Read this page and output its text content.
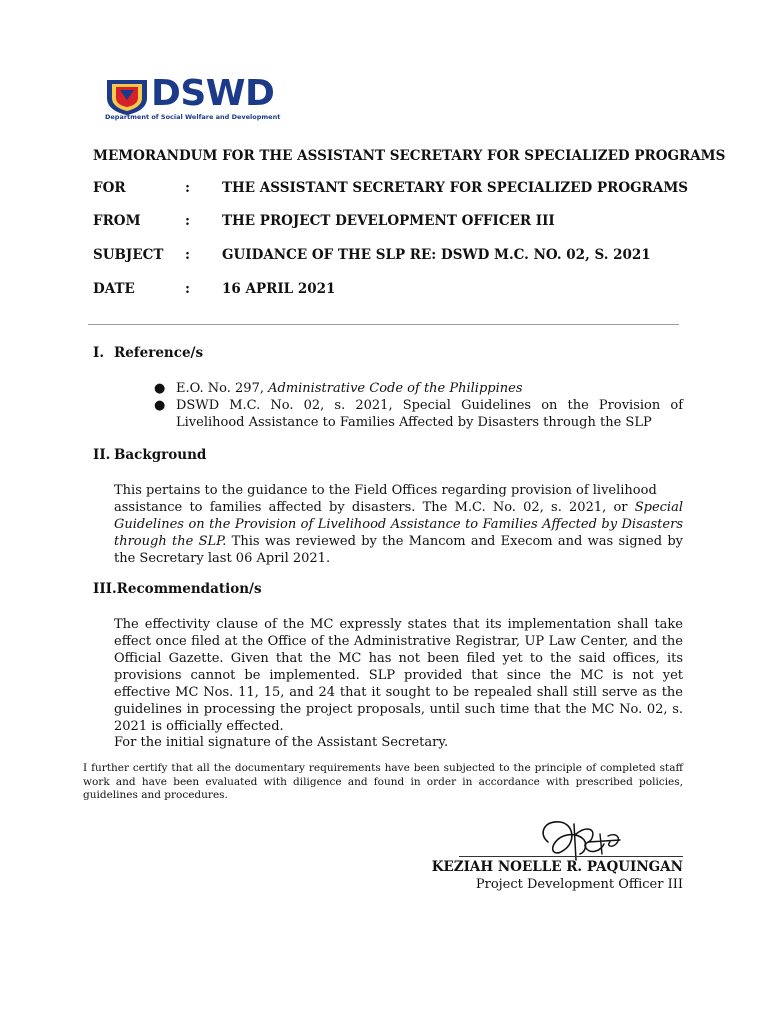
DSWD
Department of Social Welfare and Development
MEMORANDUM FOR THE ASSISTANT SECRETARY FOR SPECIALIZED PROGRAMS
FOR	: THE ASSISTANT SECRETARY FOR SPECIALIZED PROGRAMS
FROM	: THE PROJECT DEVELOPMENT OFFICER III
SUBJECT : GUIDANCE OF THE SLP RE: DSWD M.C. NO. 02, S. 2021
DATE	: 16 APRIL 2021
I. Reference/s
● E.O. No. 297, Administrative Code of the Philippines
● DSWD M.C. No. 02, s. 2021, Special Guidelines on the Provision of Livelihood Assistance to Families Affected by Disasters through the SLP
II. Background
This pertains to the guidance to the Field Offices regarding provision of livelihood
assistance to families affected by disasters. The M.C. No. 02, s. 2021, or Special Guidelines on the Provision of Livelihood Assistance to Families Affected by Disasters through the SLP. This was reviewed by the Mancom and Execom and was signed by the Secretary last 06 April 2021.
III.Recommendation/s
The effectivity clause of the MC expressly states that its implementation shall take effect once filed at the Office of the Administrative Registrar, UP Law Center, and the Official Gazette. Given that the MC has not been filed yet to the said offices, its provisions cannot be implemented. SLP provided that since the MC is not yet effective MC Nos. 11, 15, and 24 that it sought to be repealed shall still serve as the guidelines in processing the project proposals, until such time that the MC No. 02, s. 2021 is officially effected.
For the initial signature of the Assistant Secretary.
I further certify that all the documentary requirements have been subjected to the principle of completed staff work and have been evaluated with diligence and found in order in accordance with prescribed policies, guidelines and procedures.
KEZIAH NOELLE R. PAQUINGAN
Project Development Officer III
